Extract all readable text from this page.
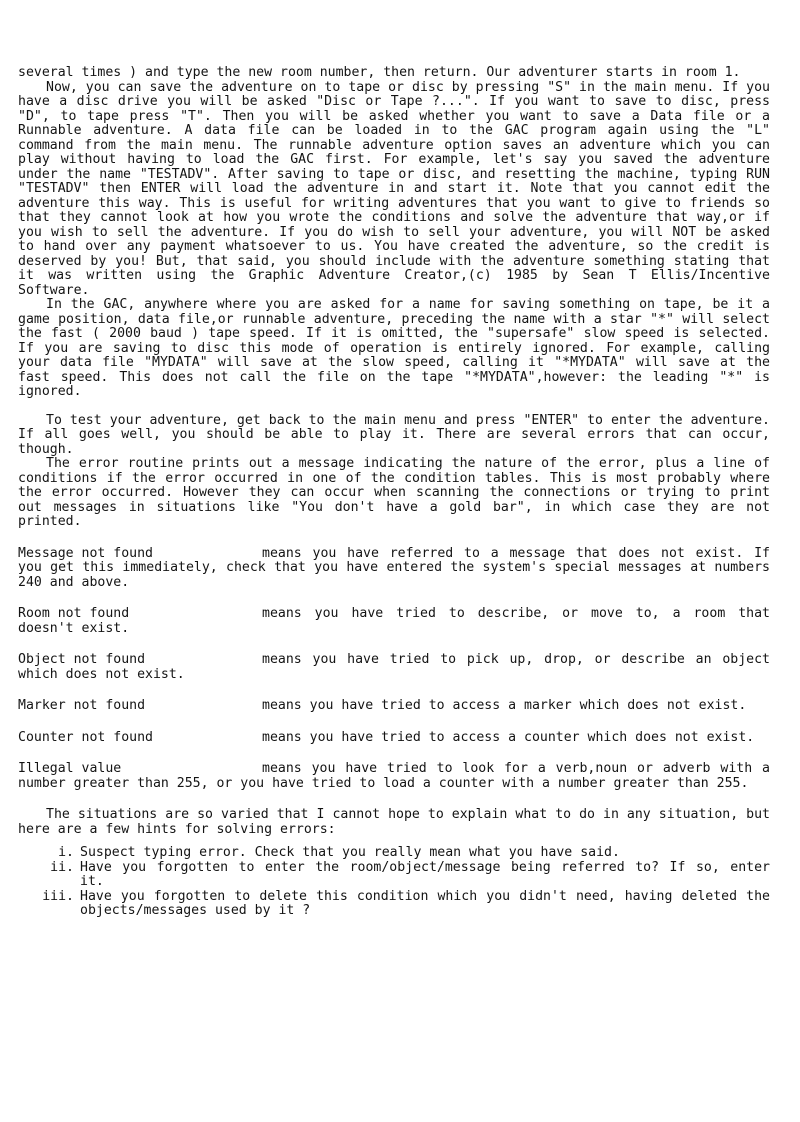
several times ) and type the new room number, then return. Our adventurer starts in room 1.

Now, you can save the adventure on to tape or disc by pressing "S" in the main menu. If you have a disc drive you will be asked "Disc or Tape ?...". If you want to save to disc, press "D", to tape press "T". Then you will be asked whether you want to save a Data file or a Runnable adventure. A data file can be loaded in to the GAC program again using the "L" command from the main menu. The runnable adventure option saves an adventure which you can play without having to load the GAC first. For example, let's say you saved the adventure under the name "TESTADV". After saving to tape or disc, and resetting the machine, typing RUN "TESTADV" then ENTER will load the adventure in and start it. Note that you cannot edit the adventure this way. This is useful for writing adventures that you want to give to friends so that they cannot look at how you wrote the conditions and solve the adventure that way,or if you wish to sell the adventure. If you do wish to sell your adventure, you will NOT be asked to hand over any payment whatsoever to us. You have created the adventure, so the credit is deserved by you! But, that said, you should include with the adventure something stating that it was written using the Graphic Adventure Creator,(c) 1985 by Sean T Ellis/Incentive Software.

In the GAC, anywhere where you are asked for a name for saving something on tape, be it a game position, data file,or runnable adventure, preceding the name with a star "*" will select the fast ( 2000 baud ) tape speed. If it is omitted, the "supersafe" slow speed is selected. If you are saving to disc this mode of operation is entirely ignored. For example, calling your data file "MYDATA" will save at the slow speed, calling it "*MYDATA" will save at the fast speed. This does not call the file on the tape "*MYDATA",however: the leading "*" is ignored.

To test your adventure, get back to the main menu and press "ENTER" to enter the adventure. If all goes well, you should be able to play it. There are several errors that can occur, though.

The error routine prints out a message indicating the nature of the error, plus a line of conditions if the error occurred in one of the condition tables. This is most probably where the error occurred. However they can occur when scanning the connections or trying to print out messages in situations like "You don't have a gold bar", in which case they are not printed.

Message not found	means you have referred to a message that does not exist. If you get this immediately, check that you have entered the system's special messages at numbers 240 and above.

Room not found	means you have tried to describe, or move to, a room that doesn't exist.

Object not found	means you have tried to pick up, drop, or describe an object which does not exist.

Marker not found	means you have tried to access a marker which does not exist.

Counter not found	means you have tried to access a counter which does not exist.

Illegal value	means you have tried to look for a verb,noun or adverb with a number greater than 255, or you have tried to load a counter with a number greater than 255.

The situations are so varied that I cannot hope to explain what to do in any situation, but here are a few hints for solving errors:

i. Suspect typing error. Check that you really mean what you have said.
ii. Have you forgotten to enter the room/object/message being referred to? If so, enter it.
iii. Have you forgotten to delete this condition which you didn't need, having deleted the objects/messages used by it ?
